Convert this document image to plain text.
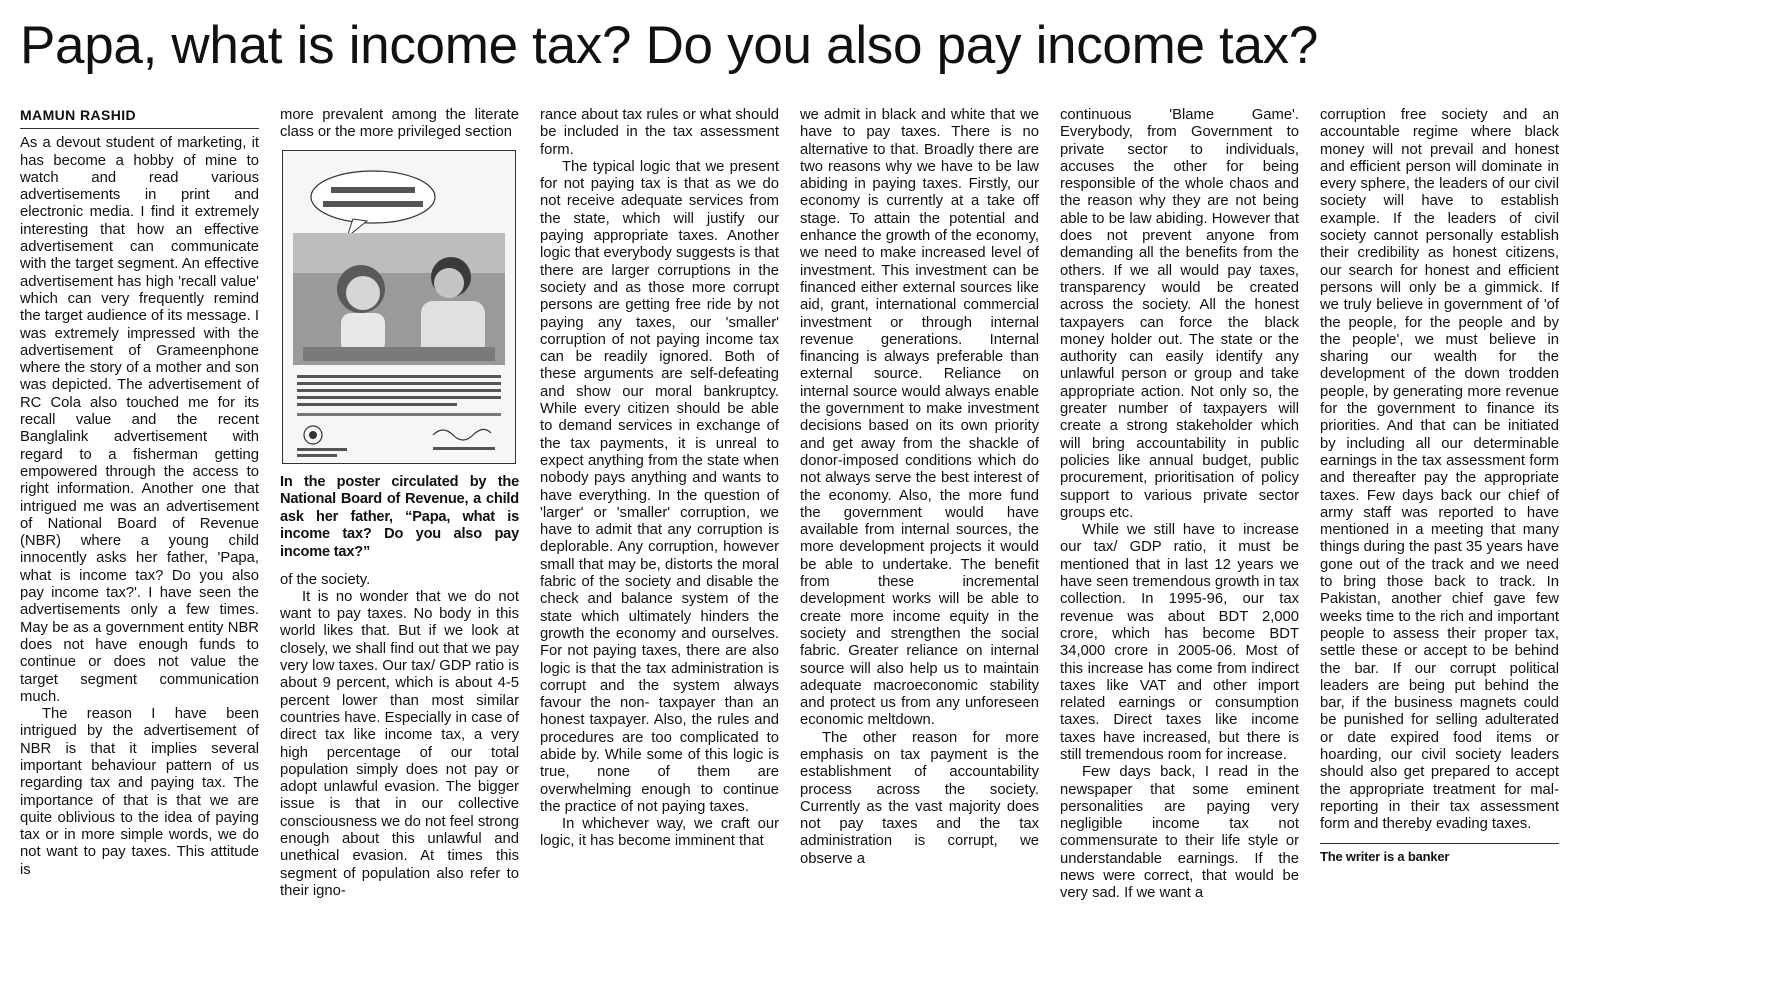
Papa, what is income tax? Do you also pay income tax?
MAMUN RASHID

As a devout student of marketing, it has become a hobby of mine to watch and read various advertisements in print and electronic media. I find it extremely interesting that how an effective advertisement can communicate with the target segment. An effective advertisement has high 'recall value' which can very frequently remind the target audience of its message. I was extremely impressed with the advertisement of Grameenphone where the story of a mother and son was depicted. The advertisement of RC Cola also touched me for its recall value and the recent Banglalink advertisement with regard to a fisherman getting empowered through the access to right information. Another one that intrigued me was an advertisement of National Board of Revenue (NBR) where a young child innocently asks her father, 'Papa, what is income tax? Do you also pay income tax?'. I have seen the advertisements only a few times. May be as a government entity NBR does not have enough funds to continue or does not value the target segment communication much.

The reason I have been intrigued by the advertisement of NBR is that it implies several important behaviour pattern of us regarding tax and paying tax. The importance of that is that we are quite oblivious to the idea of paying tax or in more simple words, we do not want to pay taxes. This attitude is

more prevalent among the literate class or the more privileged section

In the poster circulated by the National Board of Revenue, a child ask her father, “Papa, what is income tax? Do you also pay income tax?”

of the society.

It is no wonder that we do not want to pay taxes. No body in this world likes that. But if we look at closely, we shall find out that we pay very low taxes. Our tax/ GDP ratio is about 9 percent, which is about 4-5 percent lower than most similar countries have. Especially in case of direct tax like income tax, a very high percentage of our total population simply does not pay or adopt unlawful evasion. The bigger issue is that in our collective consciousness we do not feel strong enough about this unlawful and unethical evasion. At times this segment of population also refer to their igno-

rance about tax rules or what should be included in the tax assessment form.

The typical logic that we present for not paying tax is that as we do not receive adequate services from the state, which will justify our paying appropriate taxes. Another logic that everybody suggests is that there are larger corruptions in the society and as those more corrupt persons are getting free ride by not paying any taxes, our 'smaller' corruption of not paying income tax can be readily ignored. Both of these arguments are self-defeating and show our moral bankruptcy. While every citizen should be able to demand services in exchange of the tax payments, it is unreal to expect anything from the state when nobody pays anything and wants to have everything. In the question of 'larger' or 'smaller' corruption, we have to admit that any corruption is deplorable. Any corruption, however small that may be, distorts the moral fabric of the society and disable the check and balance system of the state which ultimately hinders the growth the economy and ourselves. For not paying taxes, there are also logic is that the tax administration is corrupt and the system always favour the non- taxpayer than an honest taxpayer. Also, the rules and procedures are too complicated to abide by. While some of this logic is true, none of them are overwhelming enough to continue the practice of not paying taxes.

In whichever way, we craft our logic, it has become imminent that

we admit in black and white that we have to pay taxes. There is no alternative to that. Broadly there are two reasons why we have to be law abiding in paying taxes. Firstly, our economy is currently at a take off stage. To attain the potential and enhance the growth of the economy, we need to make increased level of investment. This investment can be financed either external sources like aid, grant, international commercial investment or through internal revenue generations. Internal financing is always preferable than external source. Reliance on internal source would always enable the government to make investment decisions based on its own priority and get away from the shackle of donor-imposed conditions which do not always serve the best interest of the economy. Also, the more fund the government would have available from internal sources, the more development projects it would be able to undertake. The benefit from these incremental development works will be able to create more income equity in the society and strengthen the social fabric. Greater reliance on internal source will also help us to maintain adequate macroeconomic stability and protect us from any unforeseen economic meltdown.

The other reason for more emphasis on tax payment is the establishment of accountability process across the society. Currently as the vast majority does not pay taxes and the tax administration is corrupt, we observe a

continuous 'Blame Game'. Everybody, from Government to private sector to individuals, accuses the other for being responsible of the whole chaos and the reason why they are not being able to be law abiding. However that does not prevent anyone from demanding all the benefits from the others. If we all would pay taxes, transparency would be created across the society. All the honest taxpayers can force the black money holder out. The state or the authority can easily identify any unlawful person or group and take appropriate action. Not only so, the greater number of taxpayers will create a strong stakeholder which will bring accountability in public policies like annual budget, public procurement, prioritisation of policy support to various private sector groups etc.

While we still have to increase our tax/ GDP ratio, it must be mentioned that in last 12 years we have seen tremendous growth in tax collection. In 1995-96, our tax revenue was about BDT 2,000 crore, which has become BDT 34,000 crore in 2005-06. Most of this increase has come from indirect taxes like VAT and other import related earnings or consumption taxes. Direct taxes like income taxes have increased, but there is still tremendous room for increase.

Few days back, I read in the newspaper that some eminent personalities are paying very negligible income tax not commensurate to their life style or understandable earnings. If the news were correct, that would be very sad. If we want a

corruption free society and an accountable regime where black money will not prevail and honest and efficient person will dominate in every sphere, the leaders of our civil society will have to establish example. If the leaders of civil society cannot personally establish their credibility as honest citizens, our search for honest and efficient persons will only be a gimmick. If we truly believe in government of 'of the people, for the people and by the people', we must believe in sharing our wealth for the development of the down trodden people, by generating more revenue for the government to finance its priorities. And that can be initiated by including all our determinable earnings in the tax assessment form and thereafter pay the appropriate taxes. Few days back our chief of army staff was reported to have mentioned in a meeting that many things during the past 35 years have gone out of the track and we need to bring those back to track. In Pakistan, another chief gave few weeks time to the rich and important people to assess their proper tax, settle these or accept to be behind the bar. If our corrupt political leaders are being put behind the bar, if the business magnets could be punished for selling adulterated or date expired food items or hoarding, our civil society leaders should also get prepared to accept the appropriate treatment for mal-reporting in their tax assessment form and thereby evading taxes.

The writer is a banker
